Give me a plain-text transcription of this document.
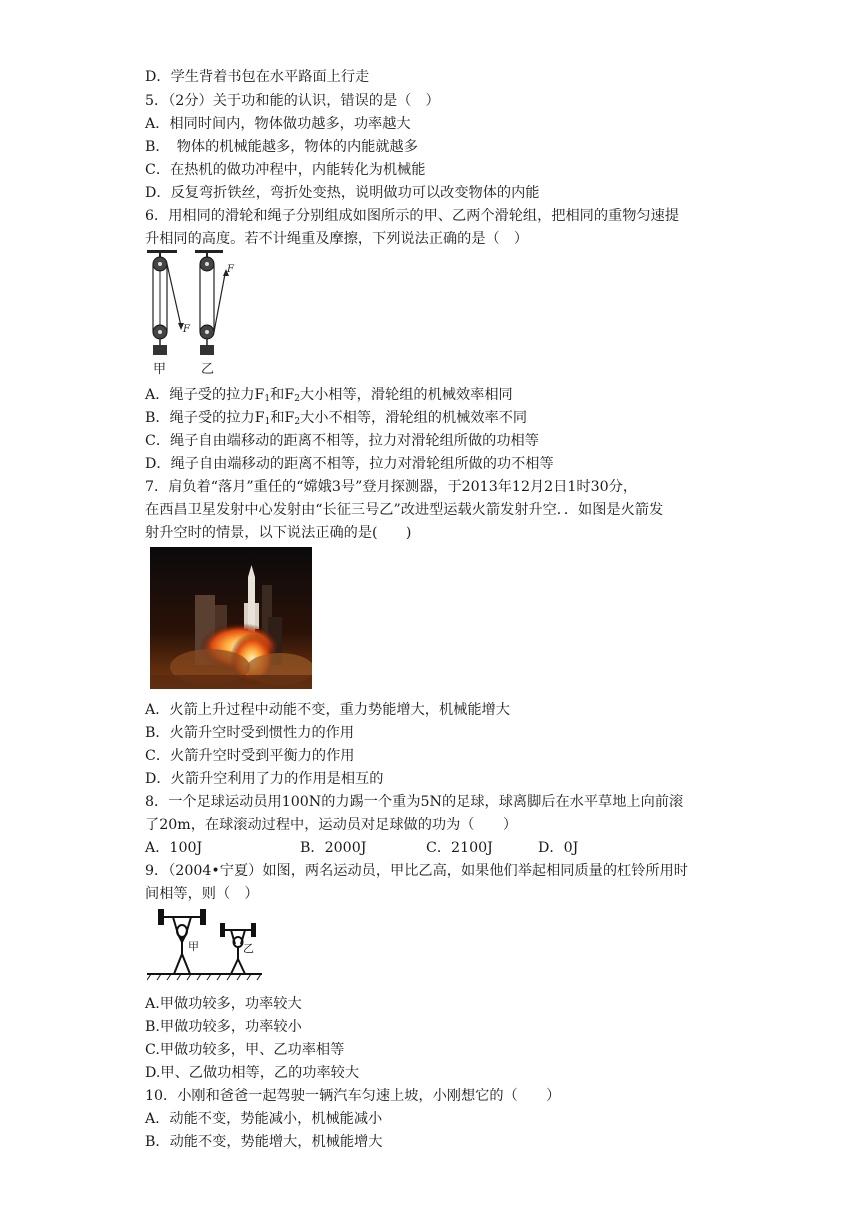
D．学生背着书包在水平路面上行走
5．（2分）关于功和能的认识，错误的是（　）
A．相同时间内，物体做功越多，功率越大
B．　物体的机械能越多，物体的内能就越多
C．在热机的做功冲程中，内能转化为机械能
D．反复弯折铁丝，弯折处变热，说明做功可以改变物体的内能
6．用相同的滑轮和绳子分别组成如图所示的甲、乙两个滑轮组，把相同的重物匀速提
升相同的高度。若不计绳重及摩擦，下列说法正确的是（　）
F
F
甲	乙
A．绳子受的拉力$F_1$和$F_2$大小相等，滑轮组的机械效率相同
B．绳子受的拉力$F_1$和$F_2$大小不相等，滑轮组的机械效率不同
C．绳子自由端移动的距离不相等，拉力对滑轮组所做的功相等
D．绳子自由端移动的距离不相等，拉力对滑轮组所做的功不相等
7．肩负着“落月”重任的“嫦娥3号”登月探测器，于2013年12月2日1时30分，
在西昌卫星发射中心发射由“长征三号乙”改进型运载火箭发射升空．．如图是火箭发
射升空时的情景，以下说法正确的是(　　)
A．火箭上升过程中动能不变，重力势能增大，机械能增大
B．火箭升空时受到惯性力的作用
C．火箭升空时受到平衡力的作用
D．火箭升空利用了力的作用是相互的
8．一个足球运动员用100N的力踢一个重为5N的足球，球离脚后在水平草地上向前滚
了20m，在球滚动过程中，运动员对足球做的功为（　　）
A．100J	B．2000J	C．2100J	D．0J
9．（2004•宁夏）如图，两名运动员，甲比乙高，如果他们举起相同质量的杠铃所用时
间相等，则（　）
甲	乙
A.甲做功较多，功率较大
B.甲做功较多，功率较小
C.甲做功较多，甲、乙功率相等
D.甲、乙做功相等，乙的功率较大
10．小刚和爸爸一起驾驶一辆汽车匀速上坡，小刚想它的（　　）
A．动能不变，势能减小，机械能减小
B．动能不变，势能增大，机械能增大
